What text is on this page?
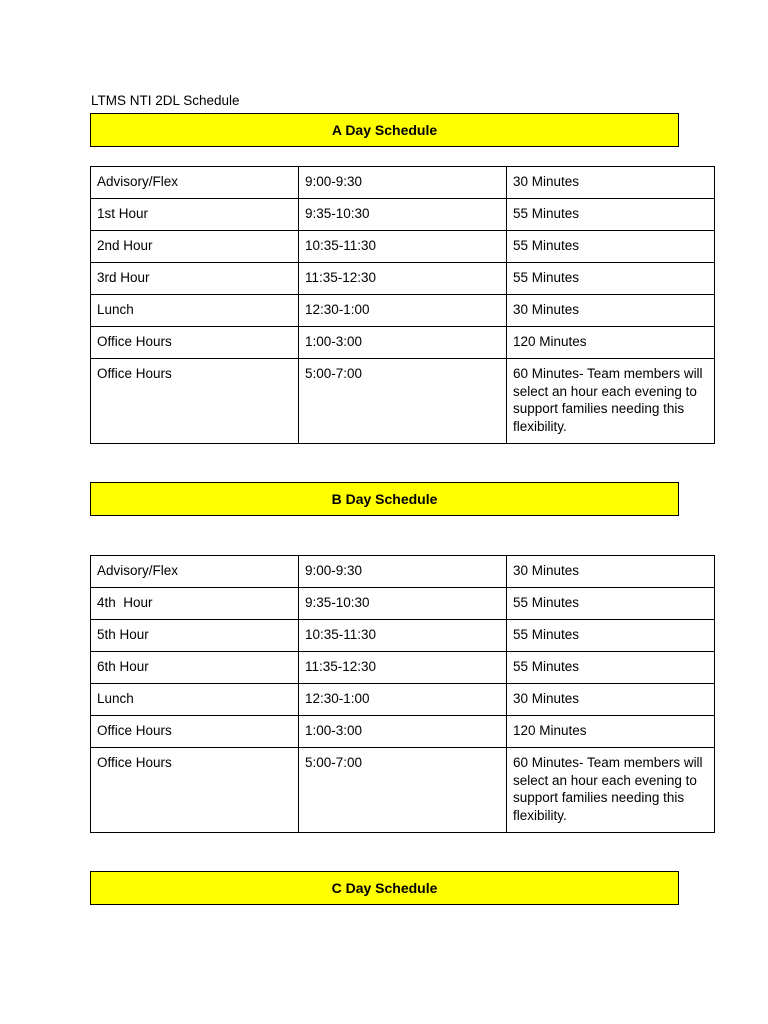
LTMS NTI 2DL Schedule
A Day Schedule
Advisory/Flex	9:00-9:30	30 Minutes
1st Hour	9:35-10:30	55 Minutes
2nd Hour	10:35-11:30	55 Minutes
3rd Hour	11:35-12:30	55 Minutes
Lunch	12:30-1:00	30 Minutes
Office Hours	1:00-3:00	120 Minutes
Office Hours	5:00-7:00	60 Minutes- Team members will select an hour each evening to support families needing this flexibility.
B Day Schedule
Advisory/Flex	9:00-9:30	30 Minutes
4th  Hour	9:35-10:30	55 Minutes
5th Hour	10:35-11:30	55 Minutes
6th Hour	11:35-12:30	55 Minutes
Lunch	12:30-1:00	30 Minutes
Office Hours	1:00-3:00	120 Minutes
Office Hours	5:00-7:00	60 Minutes- Team members will select an hour each evening to support families needing this flexibility.
C Day Schedule
